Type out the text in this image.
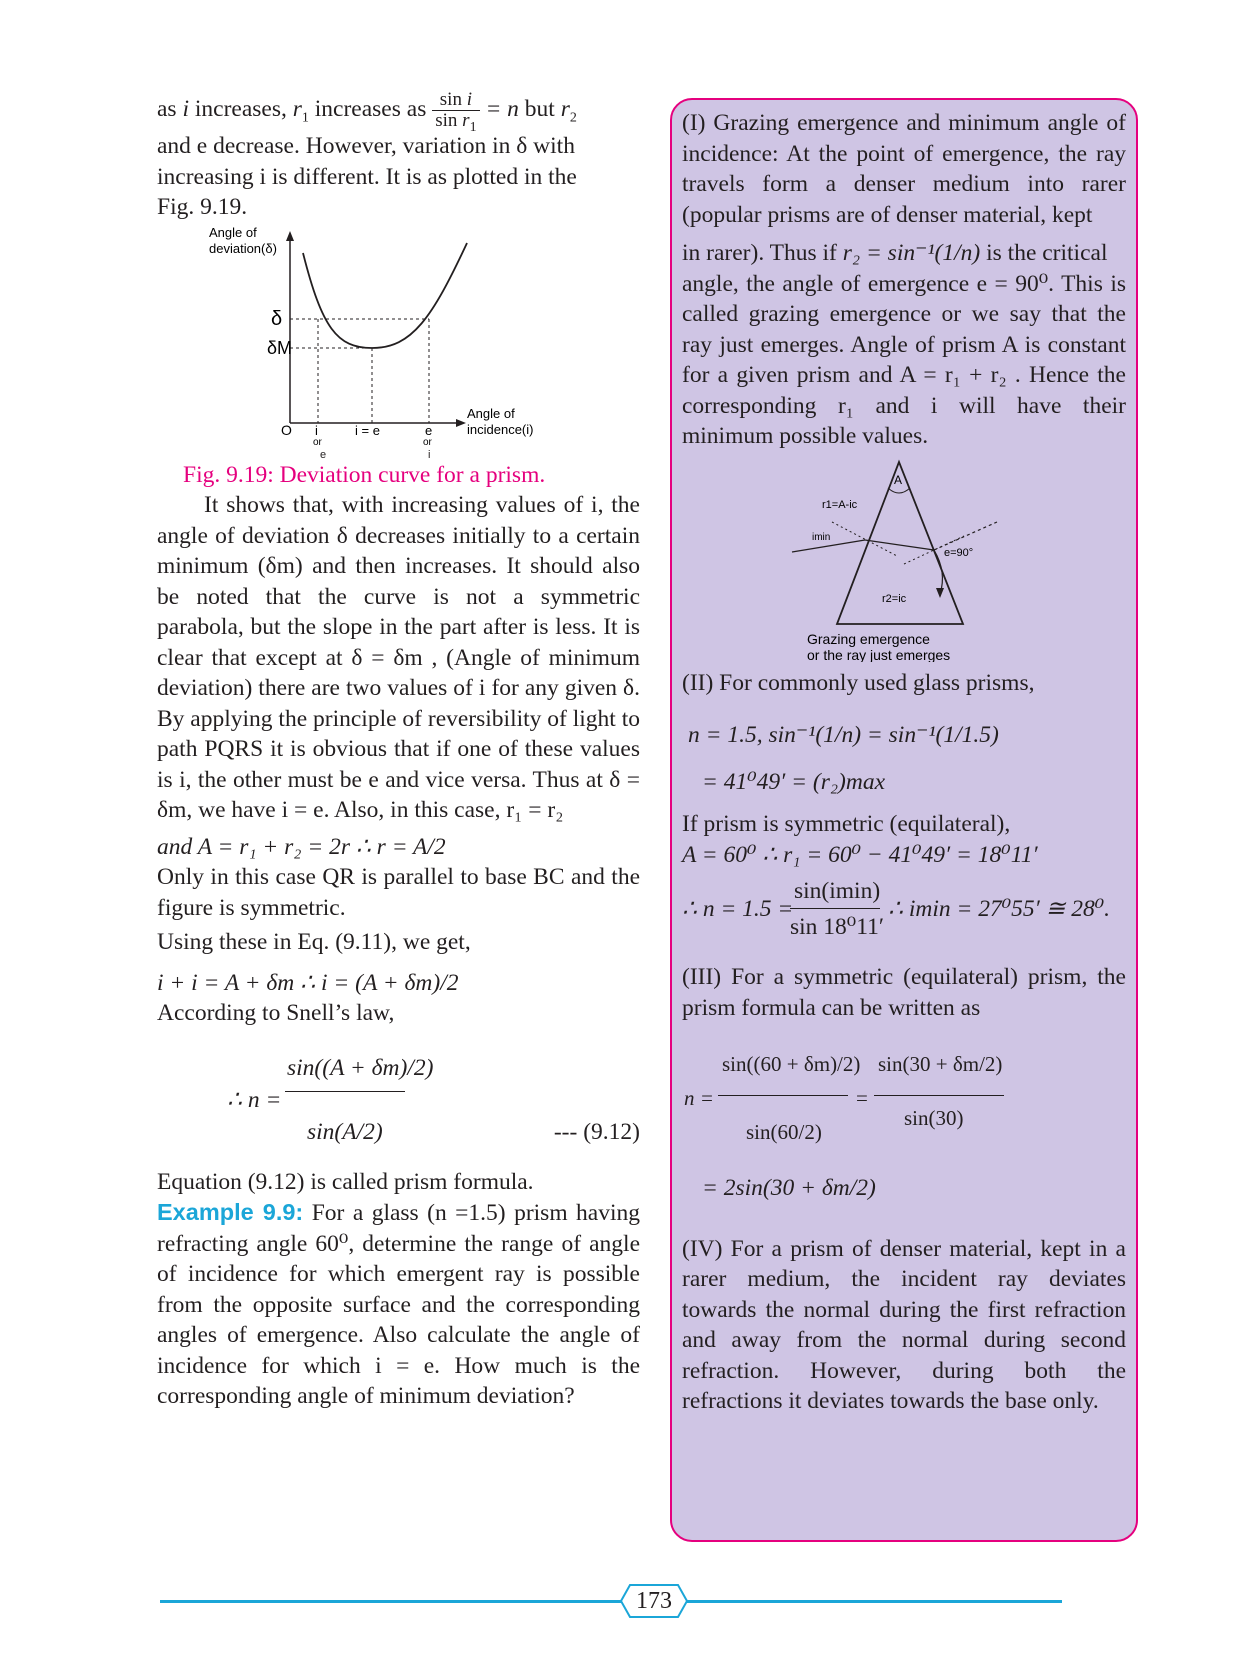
as i increases, $r_1$ increases as $\frac{\text{sin i}}{\sin r_1} = n$ but $r_2$

and e decrease. However, variation in δ with

increasing i is different. It is as plotted in the

Fig. 9.19.

Angle of
deviation(δ)
Angle of
incidence(i)
δ
δM
O i
or
i = e	e
or
e	i

Fig. 9.19: Deviation curve for a prism.

It shows that, with increasing values of i, the angle of deviation δ decreases initially to a certain minimum (δm) and then increases. It should also be noted that the curve is not a symmetric parabola, but the slope in the part after is less. It is clear that except at δ = δm , (Angle of minimum deviation) there are two values of i for any given δ. By applying the principle of reversibility of light to path PQRS it is obvious that if one of these values is i, the other must be e and vice versa. Thus at δ = δm, we have i = e. Also, in this case, r₁ = r₂

and A = r₁ + r₂ = 2r ∴ r = A/2

Only in this case QR is parallel to base BC and the figure is symmetric.

Using these in Eq. (9.11), we get,

i + i = A + δm ∴ i = (A + δm)/2

According to Snell’s law,

∴ n =
sin((A + δm)/2)
sin(A/2)	--- (9.12)

Equation (9.12) is called prism formula.

Example 9.9: For a glass (n =1.5) prism having refracting angle 60⁰, determine the range of angle of incidence for which emergent ray is possible from the opposite surface and the corresponding angles of emergence. Also calculate the angle of incidence for which i = e. How much is the corresponding angle of minimum deviation?

(I) Grazing emergence and minimum angle of incidence: At the point of emergence, the ray travels form a denser medium into rarer (popular prisms are of denser material, kept

in rarer). Thus if r₂ = sin⁻¹(1/n) is the critical

angle, the angle of emergence e = 90⁰. This is called grazing emergence or we say that the ray just emerges. Angle of prism A is constant for a given prism and A = r₁ + r₂ . Hence the corresponding r₁ and i will have their minimum possible values.

A
r1=A-ic
imin
e=90°
r2=ic
Grazing emergence
or the ray just emerges

(II) For commonly used glass prisms,

n = 1.5, sin⁻¹(1/n) = sin⁻¹(1/1.5)

= 41⁰49′ = (r₂)max

If prism is symmetric (equilateral),

A = 60⁰ ∴ r₁ = 60⁰ − 41⁰49′ = 18⁰11′

∴ n = 1.5 =
sin(imin)
sin 18⁰11′
∴ imin = 27⁰55′ ≅ 28⁰.

(III) For a symmetric (equilateral) prism, the prism formula can be written as

n =
sin((60 + δm)/2)
sin(60/2)
=
sin(30 + δm/2)
sin(30)

= 2sin(30 + δm/2)

(IV) For a prism of denser material, kept in a rarer medium, the incident ray deviates towards the normal during the first refraction and away from the normal during second refraction. However, during both the refractions it deviates towards the base only.

173
